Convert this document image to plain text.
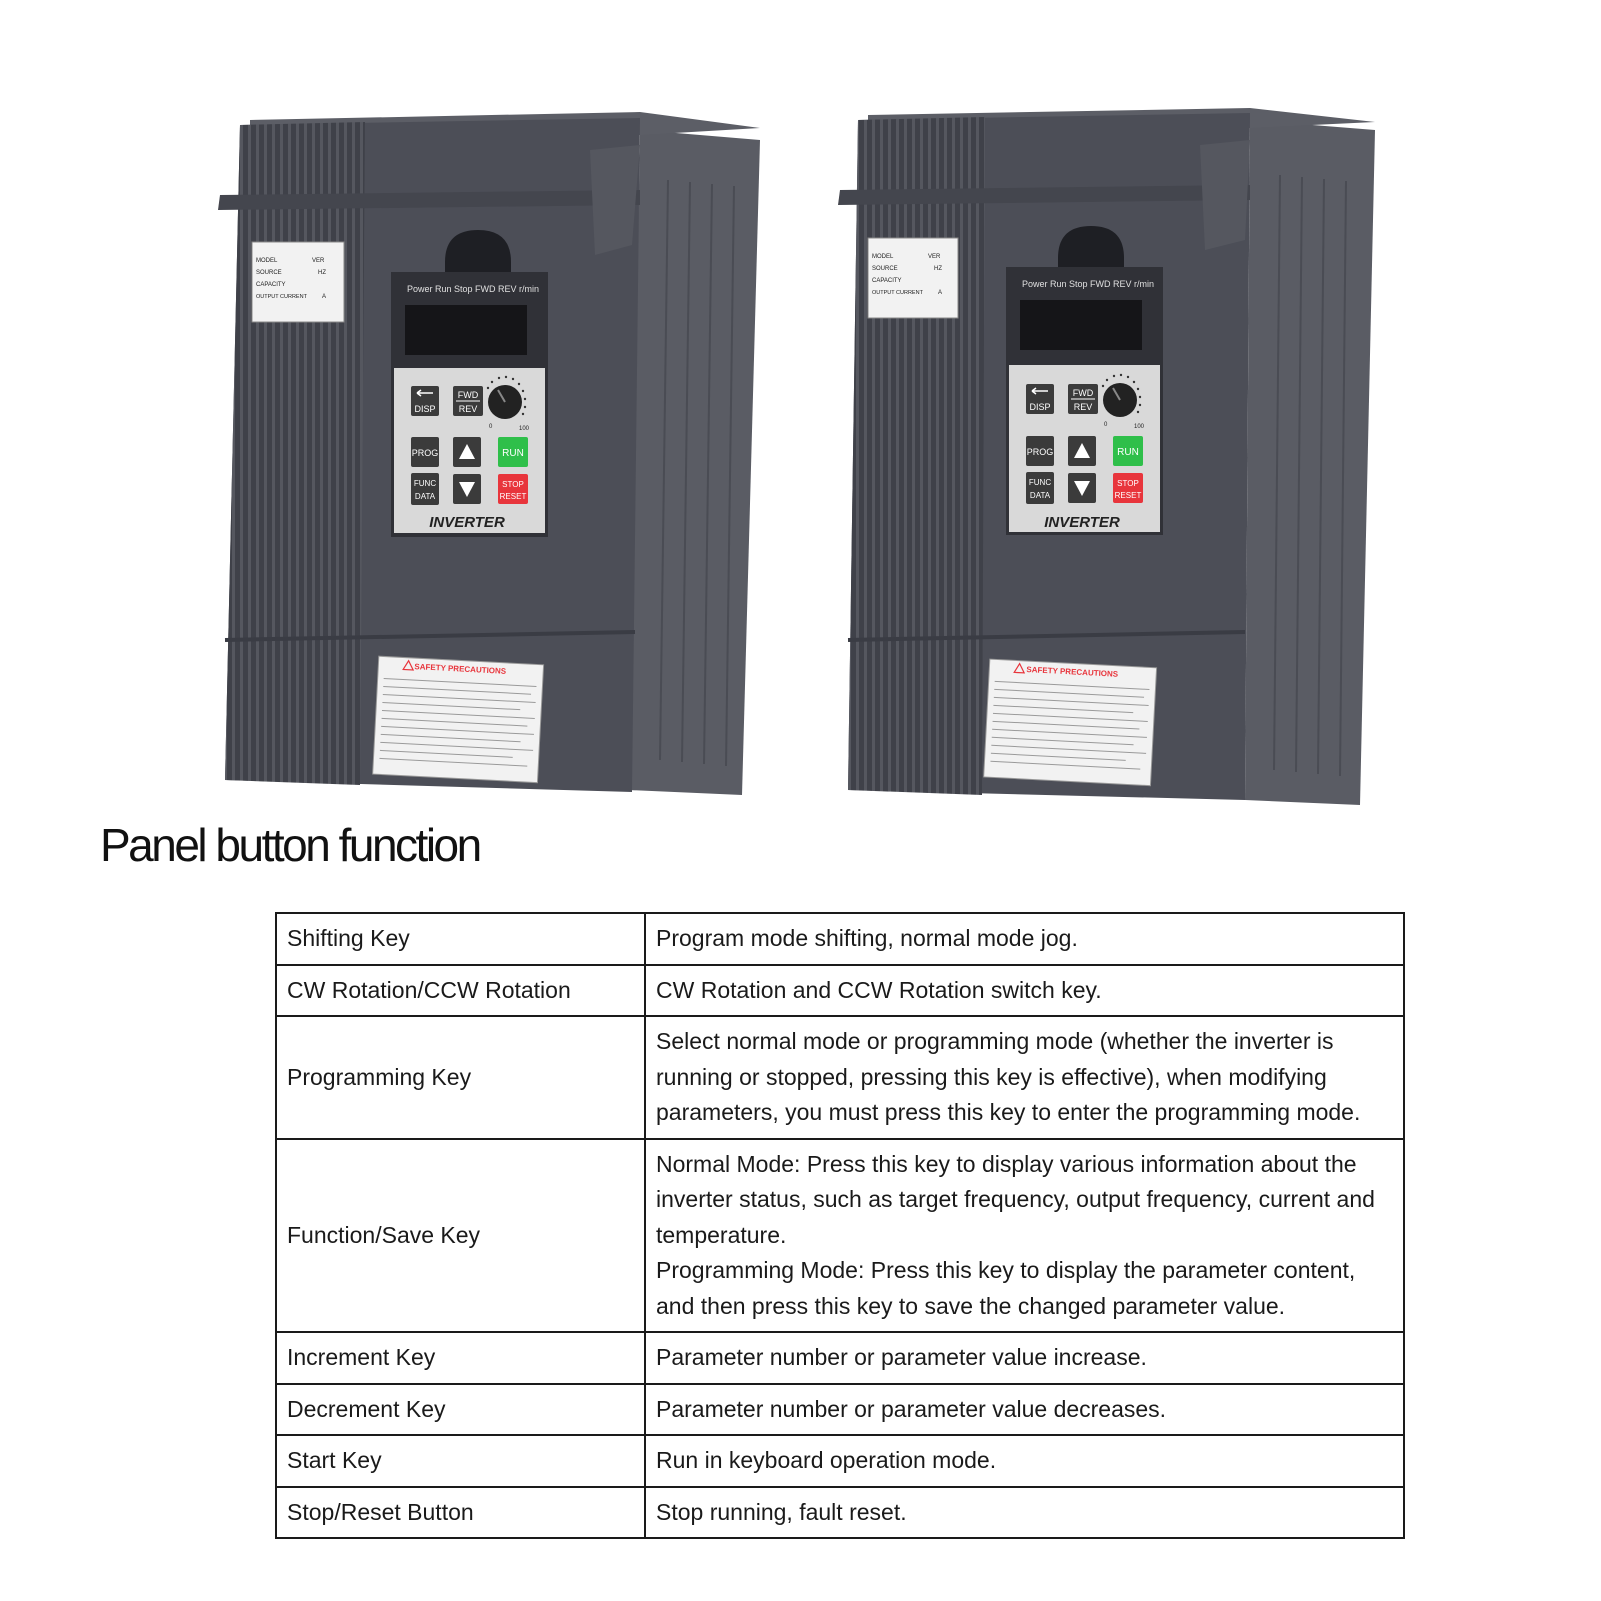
MODEL	VER
SOURCE	HZ
CAPACITY
OUTPUT CURRENT	A
Power Run Stop FWD REV r/min
DISP
FWD
REV
0	100
PROG	RUN
FUNC
DATA
STOP
RESET
INVERTER
SAFETY PRECAUTIONS
MODEL	VER
SOURCE	HZ
CAPACITY
OUTPUT CURRENT	A
Power Run Stop FWD REV r/min
DISP
FWD
REV
0	100
PROG	RUN
FUNC
DATA
STOP
RESET
INVERTER
SAFETY PRECAUTIONS
Panel button function
Shifting Key	Program mode shifting, normal mode jog.

CW Rotation/CCW Rotation	CW Rotation and CCW Rotation switch key.

Programming Key	Select normal mode or programming mode (whether the inverter is running or stopped, pressing this key is effective), when modifying parameters, you must press this key to enter the programming mode.

Function/Save Key	Normal Mode: Press this key to display various information about the inverter status, such as target frequency, output frequency, current and temperature.
Programming Mode: Press this key to display the parameter content, and then press this key to save the changed parameter value.

Increment Key	Parameter number or parameter value increase.

Decrement Key	Parameter number or parameter value decreases.

Start Key	Run in keyboard operation mode.

Stop/Reset Button	Stop running, fault reset.
